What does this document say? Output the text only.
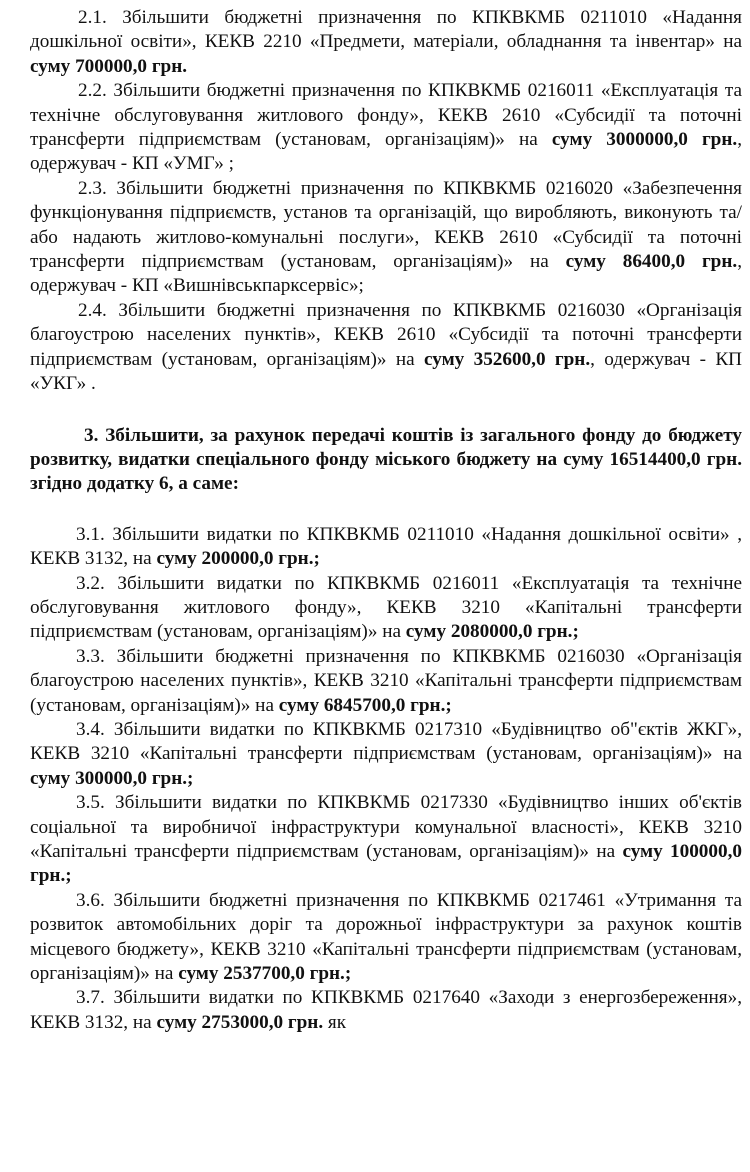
2.1. Збільшити бюджетні призначення по КПКВКМБ 0211010 «Надання дошкільної освіти», КЕКВ 2210 «Предмети, матеріали, обладнання та інвентар» на суму 700000,0 грн.

2.2. Збільшити бюджетні призначення по КПКВКМБ 0216011 «Експлуатація та технічне обслуговування житлового фонду», КЕКВ 2610 «Субсидії та поточні трансферти підприємствам (установам, організаціям)» на суму 3000000,0 грн., одержувач - КП «УМГ» ;

2.3. Збільшити бюджетні призначення по КПКВКМБ 0216020 «Забезпечення функціонування підприємств, установ та організацій, що виробляють, виконують та/або надають житлово-комунальні послуги», КЕКВ 2610 «Субсидії та поточні трансферти підприємствам (установам, організаціям)» на суму 86400,0 грн., одержувач - КП «Вишнівськпарксервіс»;

2.4. Збільшити бюджетні призначення по КПКВКМБ 0216030 «Організація благоустрою населених пунктів», КЕКВ 2610 «Субсидії та поточні трансферти підприємствам (установам, організаціям)» на суму 352600,0 грн., одержувач - КП «УКГ» .

3. Збільшити, за рахунок передачі коштів із загального фонду до бюджету розвитку, видатки спеціального фонду міського бюджету на суму 16514400,0 грн. згідно додатку 6, а саме:

3.1. Збільшити видатки по КПКВКМБ 0211010 «Надання дошкільної освіти» , КЕКВ 3132, на суму 200000,0 грн.;

3.2. Збільшити видатки по КПКВКМБ 0216011 «Експлуатація та технічне обслуговування житлового фонду», КЕКВ 3210 «Капітальні трансферти підприємствам (установам, організаціям)» на суму 2080000,0 грн.;

3.3. Збільшити бюджетні призначення по КПКВКМБ 0216030 «Організація благоустрою населених пунктів», КЕКВ 3210 «Капітальні трансферти підприємствам (установам, організаціям)» на суму 6845700,0 грн.;

3.4. Збільшити видатки по КПКВКМБ 0217310 «Будівництво об"єктів ЖКГ», КЕКВ 3210 «Капітальні трансферти підприємствам (установам, організаціям)» на суму 300000,0 грн.;

3.5. Збільшити видатки по КПКВКМБ 0217330 «Будівництво інших об'єктів соціальної та виробничої інфраструктури комунальної власності», КЕКВ 3210 «Капітальні трансферти підприємствам (установам, організаціям)» на суму 100000,0 грн.;

3.6. Збільшити бюджетні призначення по КПКВКМБ 0217461 «Утримання та розвиток автомобільних доріг та дорожньої інфраструктури за рахунок коштів місцевого бюджету», КЕКВ 3210 «Капітальні трансферти підприємствам (установам, організаціям)» на суму 2537700,0 грн.;

3.7. Збільшити видатки по КПКВКМБ 0217640 «Заходи з енергозбереження», КЕКВ 3132, на суму 2753000,0 грн. як
